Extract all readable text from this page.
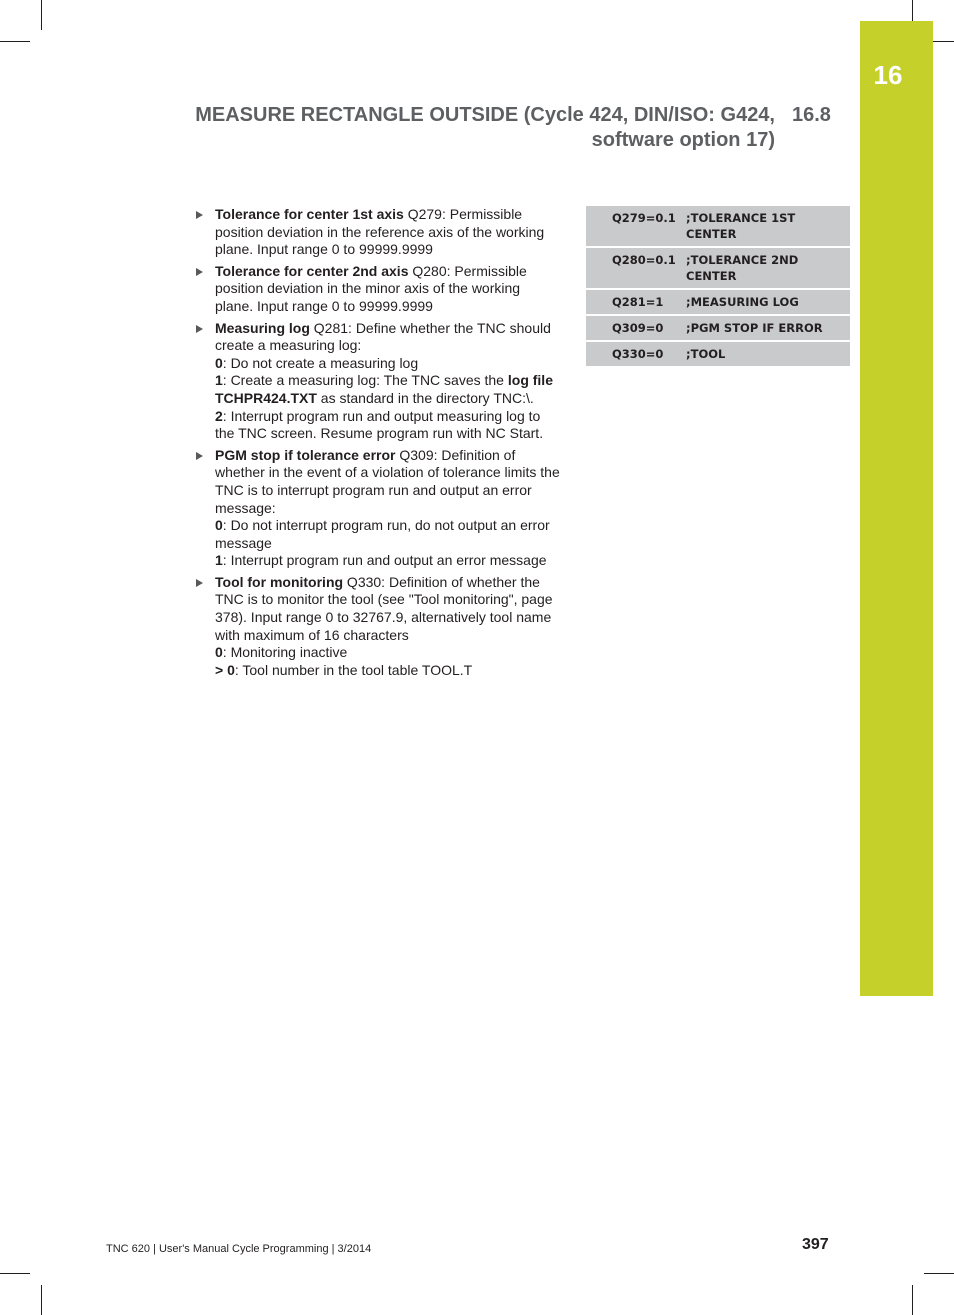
16
MEASURE RECTANGLE OUTSIDE (Cycle 424, DIN/ISO: G424, software option 17)
16.8

Tolerance for center 1st axis Q279: Permissible position deviation in the reference axis of the working plane. Input range 0 to 99999.9999

Tolerance for center 2nd axis Q280: Permissible position deviation in the minor axis of the working plane. Input range 0 to 99999.9999

Measuring log Q281: Define whether the TNC should create a measuring log:

0: Do not create a measuring log

1: Create a measuring log: The TNC saves the log file TCHPR424.TXT as standard in the directory TNC:\.

2: Interrupt program run and output measuring log to the TNC screen. Resume program run with NC Start.

PGM stop if tolerance error Q309: Definition of whether in the event of a violation of tolerance limits the TNC is to interrupt program run and output an error message:

0: Do not interrupt program run, do not output an error message

1: Interrupt program run and output an error message

Tool for monitoring Q330: Definition of whether the TNC is to monitor the tool (see "Tool monitoring", page 378). Input range 0 to 32767.9, alternatively tool name with maximum of 16 characters

0: Monitoring inactive

> 0: Tool number in the tool table TOOL.T

Q279=0.1	;TOLERANCE 1ST CENTER
Q280=0.1	;TOLERANCE 2ND CENTER
Q281=1	;MEASURING LOG
Q309=0	;PGM STOP IF ERROR
Q330=0	;TOOL
TNC 620 | User's Manual Cycle Programming | 3/2014	397
